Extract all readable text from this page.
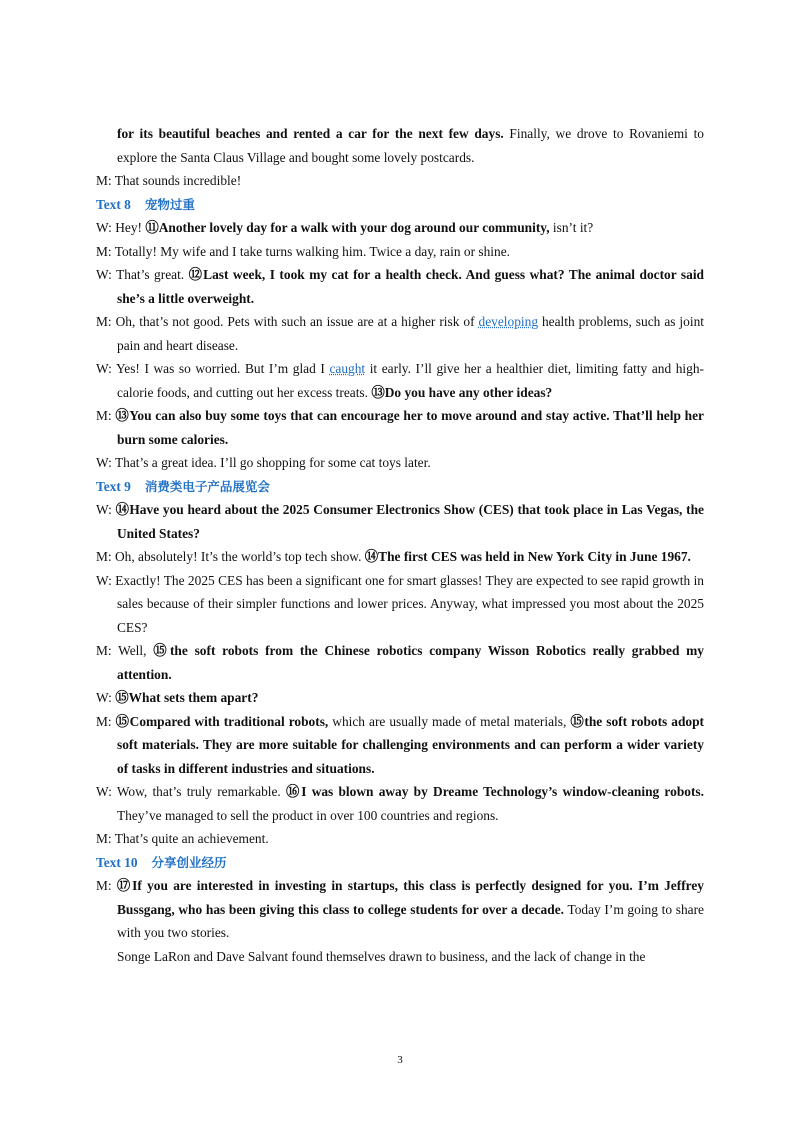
for its beautiful beaches and rented a car for the next few days. Finally, we drove to Rovaniemi to explore the Santa Claus Village and bought some lovely postcards.
M: That sounds incredible!
Text 8 宠物过重
W: Hey! ⑪Another lovely day for a walk with your dog around our community, isn’t it?
M: Totally! My wife and I take turns walking him. Twice a day, rain or shine.
W: That’s great. ⑫Last week, I took my cat for a health check. And guess what? The animal doctor said she’s a little overweight.
M: Oh, that’s not good. Pets with such an issue are at a higher risk of developing health problems, such as joint pain and heart disease.
W: Yes! I was so worried. But I’m glad I caught it early. I’ll give her a healthier diet, limiting fatty and high-calorie foods, and cutting out her excess treats. ⑬Do you have any other ideas?
M: ⑬You can also buy some toys that can encourage her to move around and stay active. That’ll help her burn some calories.
W: That’s a great idea. I’ll go shopping for some cat toys later.
Text 9 消费类电子产品展览会
W: ⑭Have you heard about the 2025 Consumer Electronics Show (CES) that took place in Las Vegas, the United States?
M: Oh, absolutely! It’s the world’s top tech show. ⑭The first CES was held in New York City in June 1967.
W: Exactly! The 2025 CES has been a significant one for smart glasses! They are expected to see rapid growth in sales because of their simpler functions and lower prices. Anyway, what impressed you most about the 2025 CES?
M: Well, ⑮the soft robots from the Chinese robotics company Wisson Robotics really grabbed my attention.
W: ⑮What sets them apart?
M: ⑮Compared with traditional robots, which are usually made of metal materials, ⑮the soft robots adopt soft materials. They are more suitable for challenging environments and can perform a wider variety of tasks in different industries and situations.
W: Wow, that’s truly remarkable. ⑯I was blown away by Dreame Technology’s window-cleaning robots. They’ve managed to sell the product in over 100 countries and regions.
M: That’s quite an achievement.
Text 10 分享创业经历
M: ⑰If you are interested in investing in startups, this class is perfectly designed for you. I’m Jeffrey Bussgang, who has been giving this class to college students for over a decade. Today I’m going to share with you two stories.
Songe LaRon and Dave Salvant found themselves drawn to business, and the lack of change in the
3
